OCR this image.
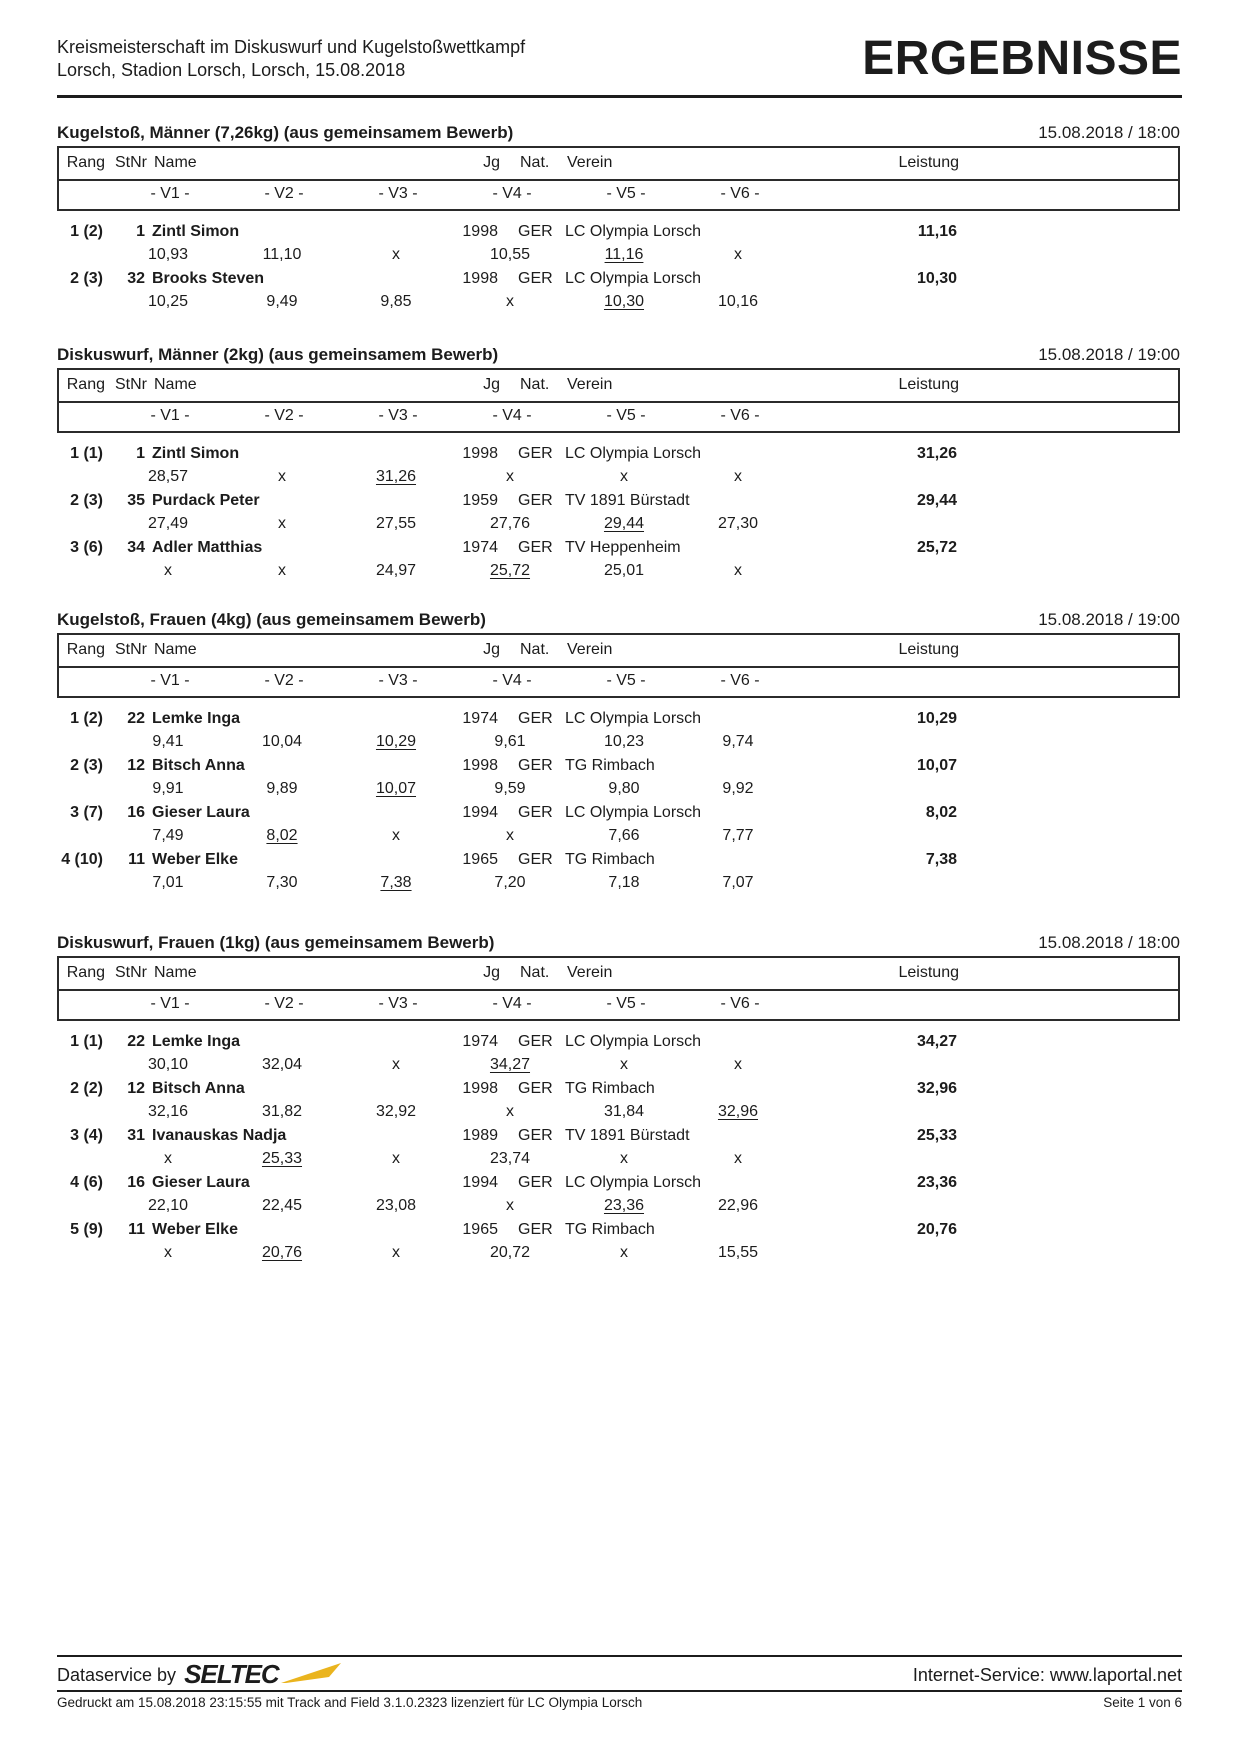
Kreismeisterschaft im Diskuswurf und Kugelstoßwettkampf
Lorsch, Stadion Lorsch, Lorsch, 15.08.2018	ERGEBNISSE
Kugelstoß, Männer (7,26kg) (aus gemeinsamem Bewerb)	15.08.2018 / 18:00
Rang StNr Name	Jg	Nat.	Verein	Leistung
- V1 -	- V2 -	- V3 -	- V4 -	- V5 -	- V6 -
1 (2)	1 Zintl Simon	1998	GER LC Olympia Lorsch	11,16
10,93	11,10	x	10,55	11,16	x
2 (3)	32 Brooks Steven	1998	GER LC Olympia Lorsch	10,30
10,25	9,49	9,85	x	10,30	10,16
Diskuswurf, Männer (2kg) (aus gemeinsamem Bewerb)	15.08.2018 / 19:00
Rang StNr Name	Jg	Nat.	Verein	Leistung
- V1 -	- V2 -	- V3 -	- V4 -	- V5 -	- V6 -
1 (1)	1 Zintl Simon	1998	GER LC Olympia Lorsch	31,26
28,57	x	31,26	x	x	x
2 (3)	35 Purdack Peter	1959	GER TV 1891 Bürstadt	29,44
27,49	x	27,55	27,76	29,44	27,30
3 (6)	34 Adler Matthias	1974	GER TV Heppenheim	25,72
x	x	24,97	25,72	25,01	x
Kugelstoß, Frauen (4kg) (aus gemeinsamem Bewerb)	15.08.2018 / 19:00
Rang StNr Name	Jg	Nat.	Verein	Leistung
- V1 -	- V2 -	- V3 -	- V4 -	- V5 -	- V6 -
1 (2)	22 Lemke Inga	1974	GER LC Olympia Lorsch	10,29
9,41	10,04	10,29	9,61	10,23	9,74
2 (3)	12 Bitsch Anna	1998	GER TG Rimbach	10,07
9,91	9,89	10,07	9,59	9,80	9,92
3 (7)	16 Gieser Laura	1994	GER LC Olympia Lorsch	8,02
7,49	8,02	x	x	7,66	7,77
4 (10)	11 Weber Elke	1965	GER TG Rimbach	7,38
7,01	7,30	7,38	7,20	7,18	7,07
Diskuswurf, Frauen (1kg) (aus gemeinsamem Bewerb)	15.08.2018 / 18:00
Rang StNr Name	Jg	Nat.	Verein	Leistung
- V1 -	- V2 -	- V3 -	- V4 -	- V5 -	- V6 -
1 (1)	22 Lemke Inga	1974	GER LC Olympia Lorsch	34,27
30,10	32,04	x	34,27	x	x
2 (2)	12 Bitsch Anna	1998	GER TG Rimbach	32,96
32,16	31,82	32,92	x	31,84	32,96
3 (4)	31 Ivanauskas Nadja	1989	GER TV 1891 Bürstadt	25,33
x	25,33	x	23,74	x	x
4 (6)	16 Gieser Laura	1994	GER LC Olympia Lorsch	23,36
22,10	22,45	23,08	x	23,36	22,96
5 (9)	11 Weber Elke	1965	GER TG Rimbach	20,76
x	20,76	x	20,72	x	15,55
Dataservice by SELTEC	Internet-Service: www.laportal.net
Gedruckt am 15.08.2018 23:15:55 mit Track and Field 3.1.0.2323 lizenziert für LC Olympia Lorsch	Seite 1 von 6
